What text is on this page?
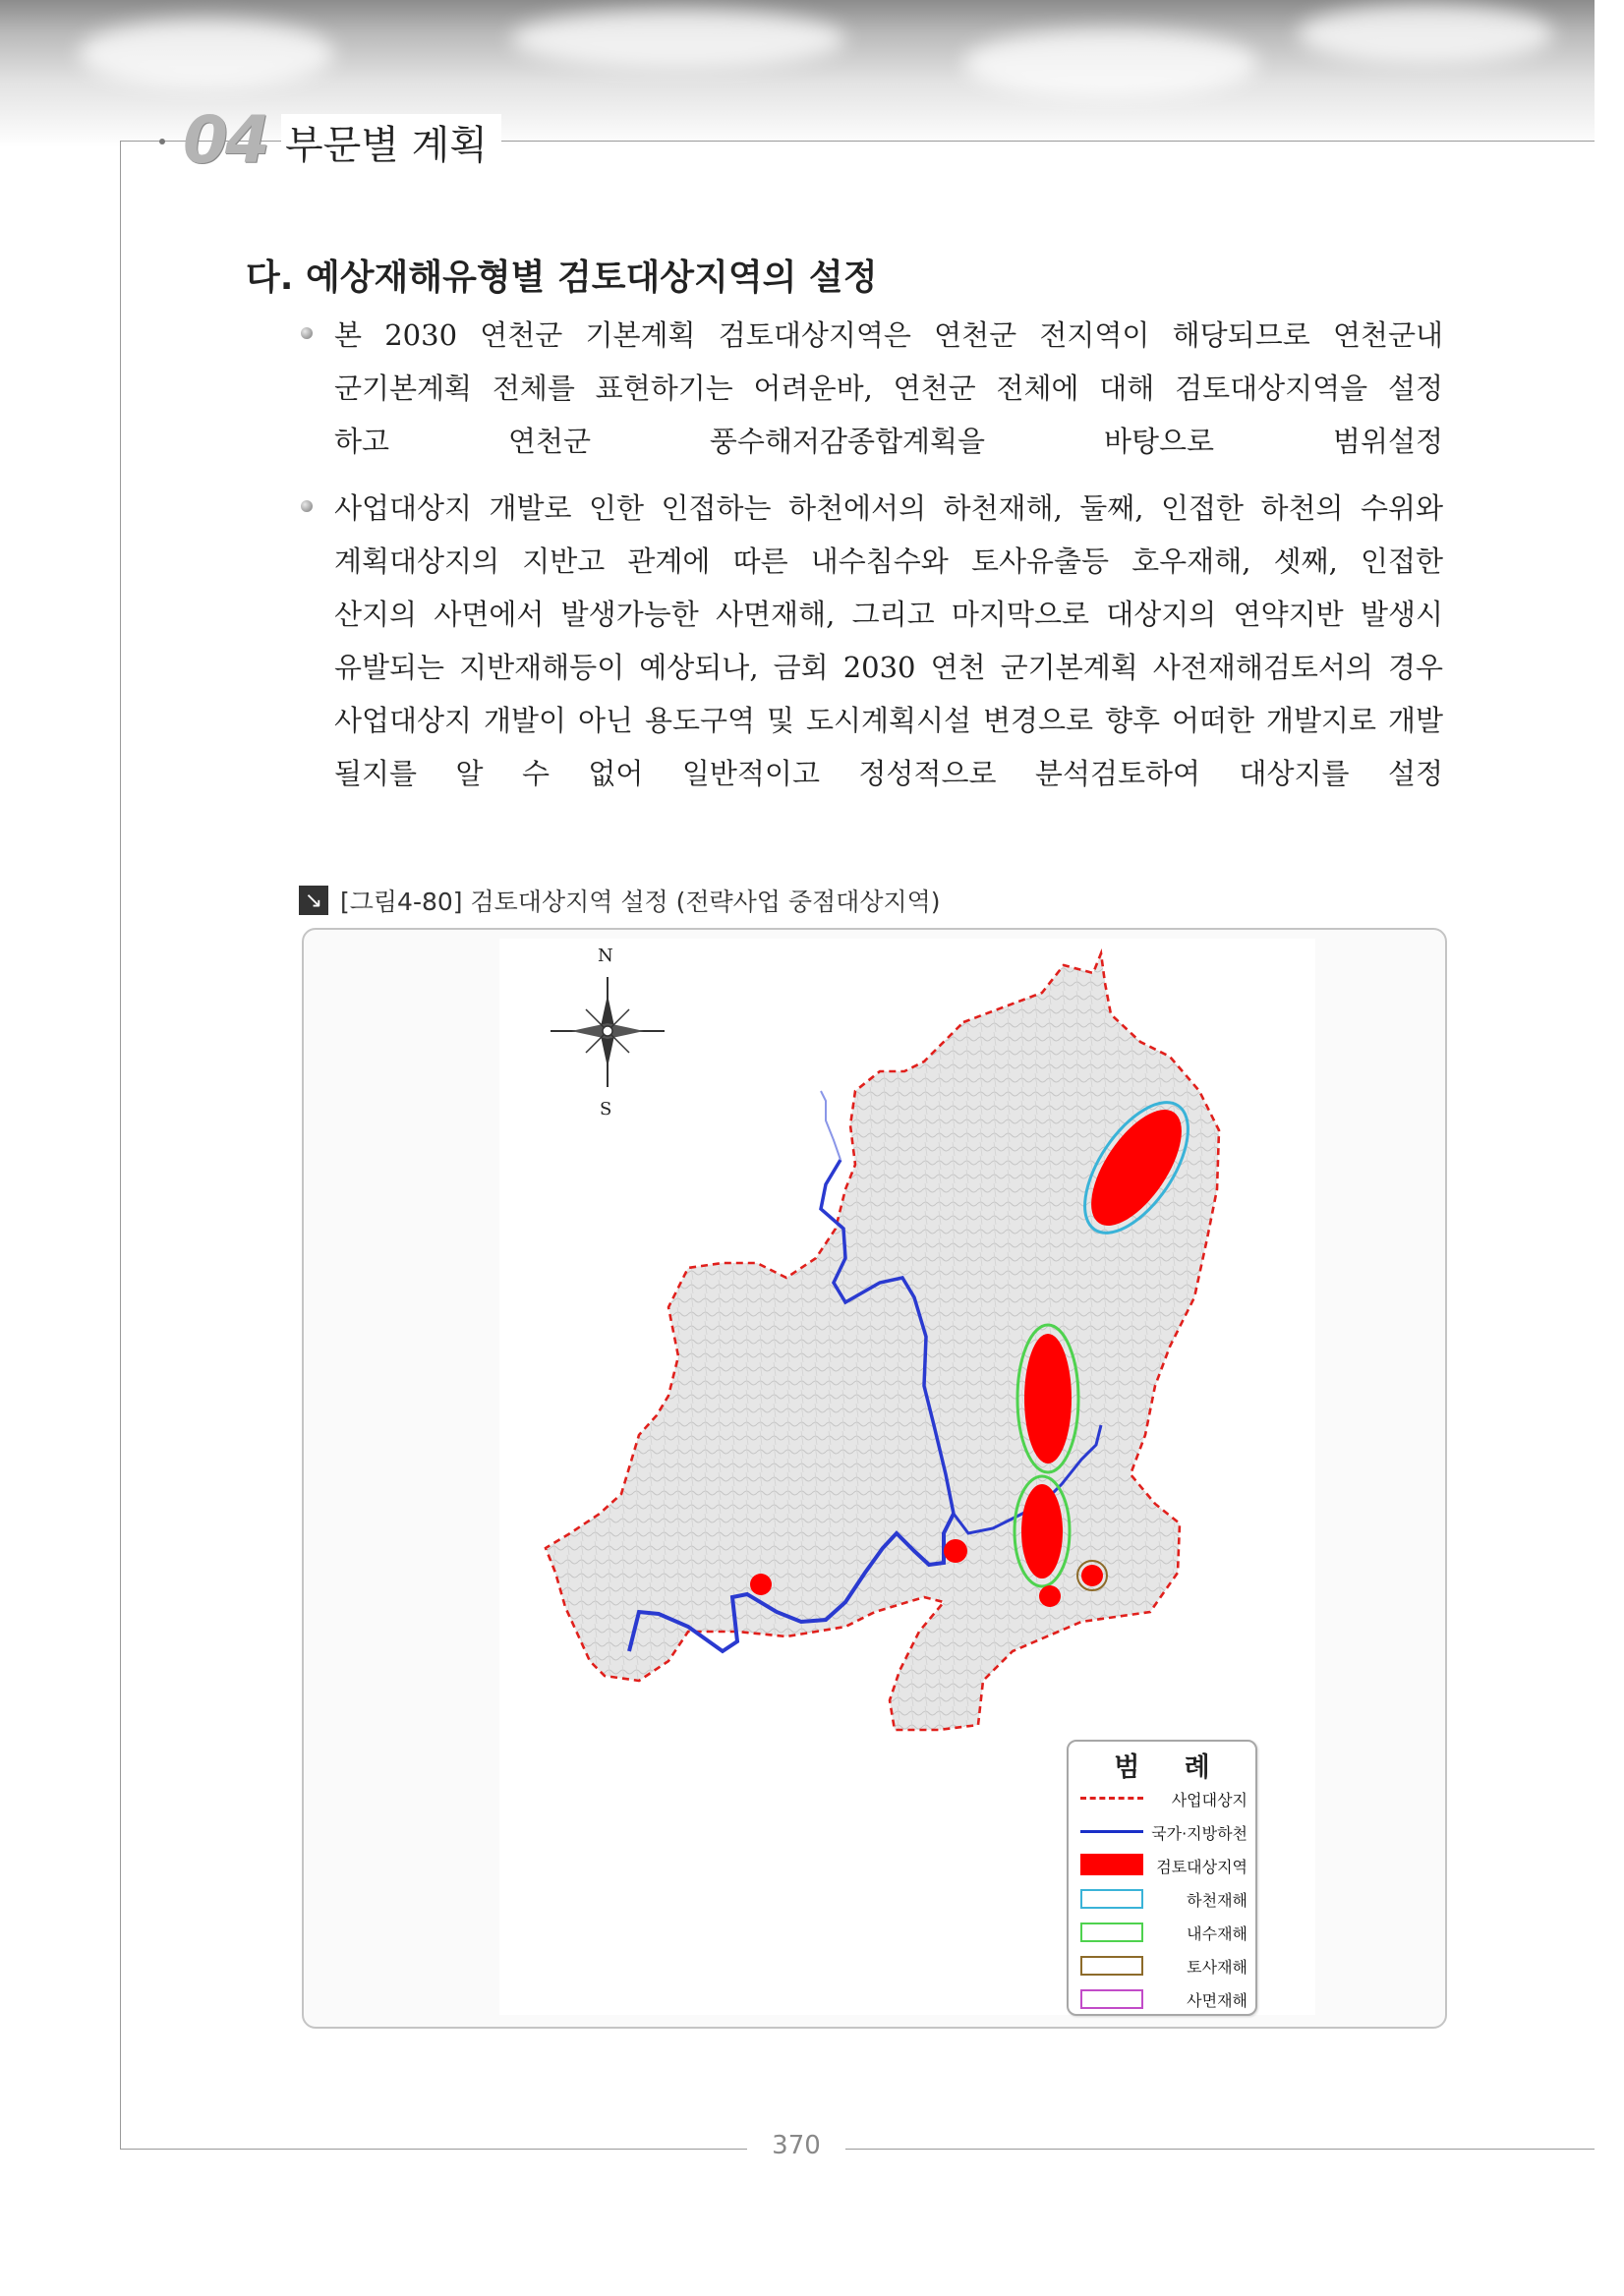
04 부문별 계획
다. 예상재해유형별 검토대상지역의 설정
본 2030 연천군 기본계획 검토대상지역은 연천군 전지역이 해당되므로 연천군내
군기본계획 전체를 표현하기는 어려운바, 연천군 전체에 대해 검토대상지역을 설정
하고 연천군 풍수해저감종합계획을 바탕으로 범위설정
사업대상지 개발로 인한 인접하는 하천에서의 하천재해, 둘째, 인접한 하천의 수위와
계획대상지의 지반고 관계에 따른 내수침수와 토사유출등 호우재해, 셋째, 인접한
산지의 사면에서 발생가능한 사면재해, 그리고 마지막으로 대상지의 연약지반 발생시
유발되는 지반재해등이 예상되나, 금회 2030 연천 군기본계획 사전재해검토서의 경우
사업대상지 개발이 아닌 용도구역 및 도시계획시설 변경으로 향후 어떠한 개발지로 개발
될지를 알 수 없어 일반적이고 정성적으로 분석검토하여 대상지를 설정
↘ [그림4-80] 검토대상지역 설정 (전략사업 중점대상지역)
N
S
범 례
사업대상지
국가·지방하천
검토대상지역
하천재해
내수재해
토사재해
사면재해
370
